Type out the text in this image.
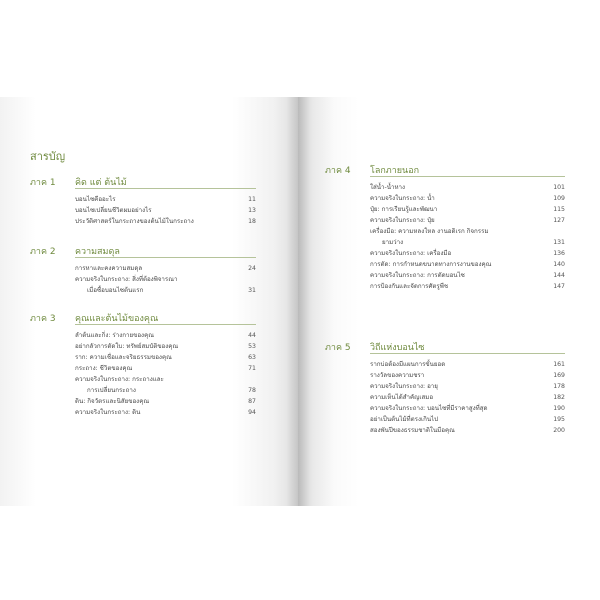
สารบัญ
ภาค 1 คิด แต่ ต้นไม้
บอนไซคืออะไร	11
บอนไซเปลี่ยนชีวิตผมอย่างไร	13
ประวัติศาสตร์ในกระถางของต้นไม้ในกระถาง	18
ภาค 2 ความสมดุล
การหาและคงความสมดุล	24
ความจริงในกระถาง: สิ่งที่ต้องพิจารณา
เมื่อซื้อบอนไซต้นแรก	31
ภาค 3 คุณและต้นไม้ของคุณ
ลำต้นและกิ่ง: ร่างกายของคุณ	44
อย่ากลัวการตัดใบ: ทรัพย์สมบัติของคุณ	53
ราก: ความเชื่อและจริยธรรมของคุณ	63
กระถาง: ชีวิตของคุณ	71
ความจริงในกระถาง: กระถางและ
การเปลี่ยนกระถาง	78
ดิน: กิจวัตรและนิสัยของคุณ	87
ความจริงในกระถาง: ดิน	94
ภาค 4 โลกภายนอก
ใส่น้ำ-น้ำหาง	101
ความจริงในกระถาง: น้ำ	109
ปุ๋ย: การเรียนรู้และพัฒนา	115
ความจริงในกระถาง: ปุ๋ย	127
เครื่องมือ: ความหลงใหล งานอดิเรก กิจกรรม
ยามว่าง	131
ความจริงในกระถาง: เครื่องมือ	136
การตัด: การกำหนดขนาดทางการงานของคุณ	140
ความจริงในกระถาง: การตัดบอนไซ	144
การป้องกันและจัดการศัตรูพืช	147
ภาค 5 วิถีแห่งบอนไซ
รากบ่อต้องมีแผนการขั้นยอด	161
รางวัลของความชรา	169
ความจริงในกระถาง: อายุ	178
ความเห็นได้สำคัญเสมอ	182
ความจริงในกระถาง: บอนไซที่มีราคาสูงที่สุด	190
อย่าเป็นต้นไม้ที่ตรงเกินไป	195
สองพันปีของธรรมชาติในมือคุณ	200
